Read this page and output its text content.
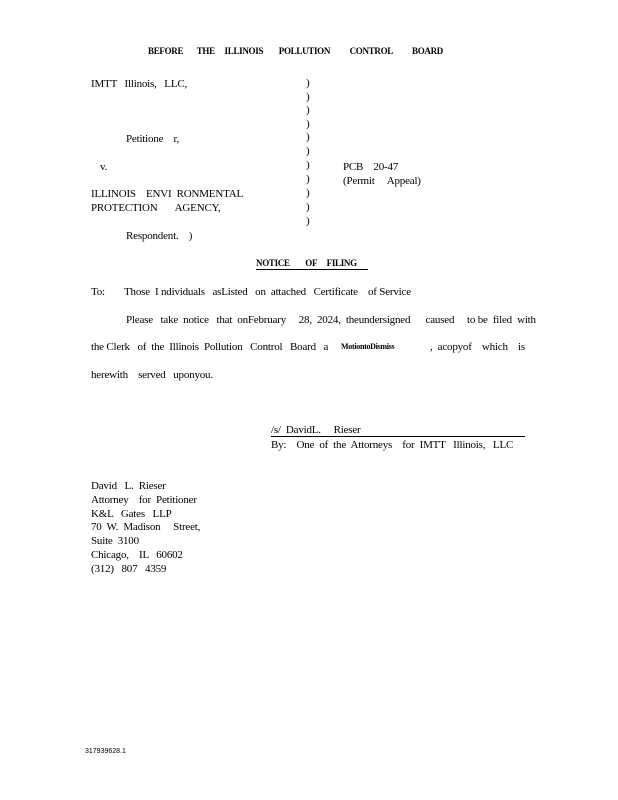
BEFORE       THE     ILLINOIS        POLLUTION          CONTROL          BOARD
IMTT   Illinois,   LLC,
Petitione    r,
v.
ILLINOIS    ENVI  RONMENTAL
PROTECTION       AGENCY,
Respondent.    )
)
)
)
)
)
)
)
)
)
)
)
PCB    20-47
(Permit     Appeal)
NOTICE        OF     FILING
To: Those  I ndividuals   asListed   on  attached   Certificate    of Service
Please   take  notice   that  onFebruary     28,  2024,  theundersigned      caused     to be  filed  with
the Clerk   of  the  Illinois  Pollution   Control   Board   a MotiontoDismiss	,  acopyof    which    is
herewith    served   uponyou.
/s/  DavidL.     Rieser
By:    One  of  the  Attorneys    for  IMTT   Illinois,   LLC
David   L.  Rieser
Attorney    for  Petitioner
K&L   Gates   LLP
70  W.  Madison     Street,
Suite  3100
Chicago,    IL   60602
(312)   807   4359
317939628.1
